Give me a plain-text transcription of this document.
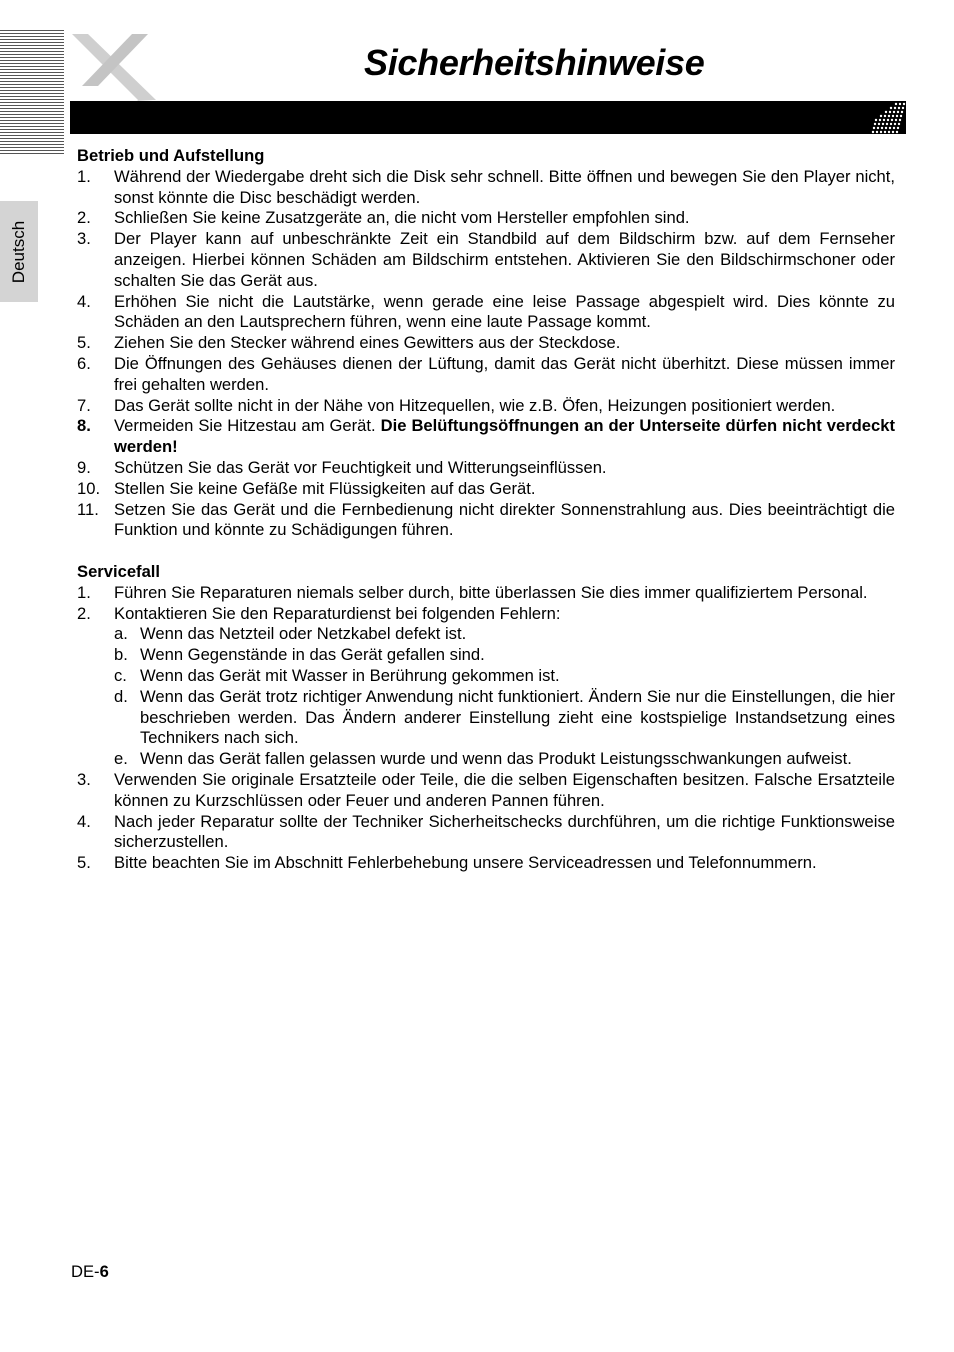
Sicherheitshinweise
Deutsch

Betrieb und Aufstellung

1. Während der Wiedergabe dreht sich die Disk sehr schnell. Bitte öffnen und bewegen Sie den Player nicht, sonst könnte die Disc beschädigt werden.
2. Schließen Sie keine Zusatzgeräte an, die nicht vom Hersteller empfohlen sind.
3. Der Player kann auf unbeschränkte Zeit ein Standbild auf dem Bildschirm bzw. auf dem Fernseher anzeigen. Hierbei können Schäden am Bildschirm entstehen. Aktivieren Sie den Bildschirmschoner oder schalten Sie das Gerät aus.
4. Erhöhen Sie nicht die Lautstärke, wenn gerade eine leise Passage abgespielt wird. Dies könnte zu Schäden an den Lautsprechern führen, wenn eine laute Passage kommt.
5. Ziehen Sie den Stecker während eines Gewitters aus der Steckdose.
6. Die Öffnungen des Gehäuses dienen der Lüftung, damit das Gerät nicht überhitzt. Diese müssen immer frei gehalten werden.
7. Das Gerät sollte nicht in der Nähe von Hitzequellen, wie z.B. Öfen, Heizungen positioniert werden.
8. Vermeiden Sie Hitzestau am Gerät. Die Belüftungsöffnungen an der Unterseite dürfen nicht verdeckt werden!
9. Schützen Sie das Gerät vor Feuchtigkeit und Witterungseinflüssen.
10. Stellen Sie keine Gefäße mit Flüssigkeiten auf das Gerät.
11. Setzen Sie das Gerät und die Fernbedienung nicht direkter Sonnenstrahlung aus. Dies beeinträchtigt die Funktion und könnte zu Schädigungen führen.

Servicefall

1. Führen Sie Reparaturen niemals selber durch, bitte überlassen Sie dies immer qualifiziertem Personal.
2. Kontaktieren Sie den Reparaturdienst bei folgenden Fehlern:
a. Wenn das Netzteil oder Netzkabel defekt ist.
b. Wenn Gegenstände in das Gerät gefallen sind.
c. Wenn das Gerät mit Wasser in Berührung gekommen ist.
d. Wenn das Gerät trotz richtiger Anwendung nicht funktioniert. Ändern Sie nur die Einstellungen, die hier beschrieben werden. Das Ändern anderer Einstellung zieht eine kostspielige Instandsetzung eines Technikers nach sich.
e. Wenn das Gerät fallen gelassen wurde und wenn das Produkt Leistungsschwankungen aufweist.
3. Verwenden Sie originale Ersatzteile oder Teile, die die selben Eigenschaften besitzen. Falsche Ersatzteile können zu Kurzschlüssen oder Feuer und anderen Pannen führen.
4. Nach jeder Reparatur sollte der Techniker Sicherheitschecks durchführen, um die richtige Funktionsweise sicherzustellen.
5. Bitte beachten Sie im Abschnitt Fehlerbehebung unsere Serviceadressen und Telefonnummern.
DE-6
